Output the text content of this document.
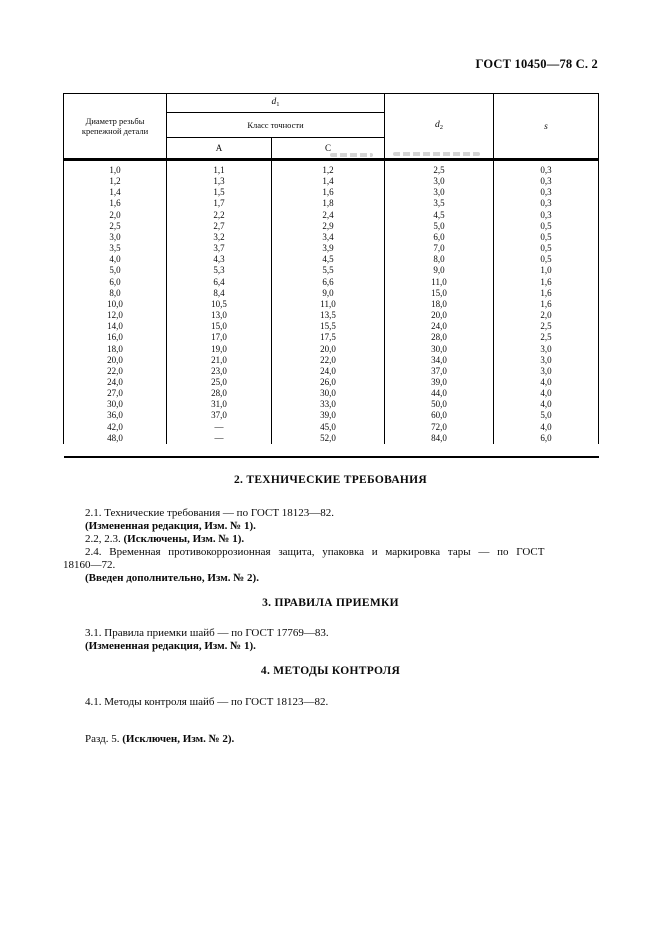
ГОСТ 10450—78 С. 2
Диаметр резьбы крепежной детали	$d_1$		$d_2$	s
	Класс точности			
	А	С		
1,0	1,1	1,2	2,5	0,3
1,2	1,3	1,4	3,0	0,3
1,4	1,5	1,6	3,0	0,3
1,6	1,7	1,8	3,5	0,3
2,0	2,2	2,4	4,5	0,3
2,5	2,7	2,9	5,0	0,5
3,0	3,2	3,4	6,0	0,5
3,5	3,7	3,9	7,0	0,5
4,0	4,3	4,5	8,0	0,5
5,0	5,3	5,5	9,0	1,0
6,0	6,4	6,6	11,0	1,6
8,0	8,4	9,0	15,0	1,6
10,0	10,5	11,0	18,0	1,6
12,0	13,0	13,5	20,0	2,0
14,0	15,0	15,5	24,0	2,5
16,0	17,0	17,5	28,0	2,5
18,0	19,0	20,0	30,0	3,0
20,0	21,0	22,0	34,0	3,0
22,0	23,0	24,0	37,0	3,0
24,0	25,0	26,0	39,0	4,0
27,0	28,0	30,0	44,0	4,0
30,0	31,0	33,0	50,0	4,0
36,0	37,0	39,0	60,0	5,0
42,0	—	45,0	72,0	4,0
48,0	—	52,0	84,0	6,0

2. ТЕХНИЧЕСКИЕ ТРЕБОВАНИЯ
2.1. Технические требования — по ГОСТ 18123—82.
(Измененная редакция, Изм. № 1).
2.2, 2.3. (Исключены, Изм. № 1).
2.4. Временная противокоррозионная защита, упаковка и маркировка тары — по ГОСТ
18160—72.
(Введен дополнительно, Изм. № 2).
3. ПРАВИЛА ПРИЕМКИ
3.1. Правила приемки шайб — по ГОСТ 17769—83.
(Измененная редакция, Изм. № 1).
4. МЕТОДЫ КОНТРОЛЯ
4.1. Методы контроля шайб — по ГОСТ 18123—82.
Разд. 5. (Исключен, Изм. № 2).
